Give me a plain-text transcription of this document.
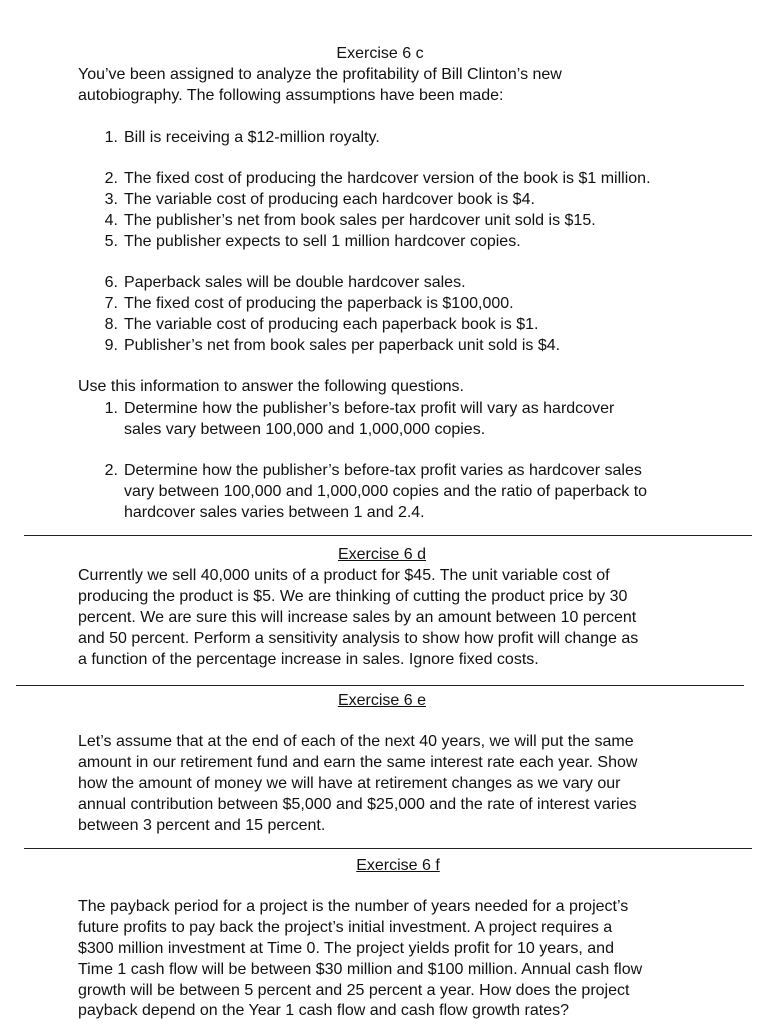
Exercise 6 c
You’ve been assigned to analyze the profitability of Bill Clinton’s new
autobiography. The following assumptions have been made:
1. Bill is receiving a $12-million royalty.
2. The fixed cost of producing the hardcover version of the book is $1 million.
3. The variable cost of producing each hardcover book is $4.
4. The publisher’s net from book sales per hardcover unit sold is $15.
5. The publisher expects to sell 1 million hardcover copies.
6. Paperback sales will be double hardcover sales.
7. The fixed cost of producing the paperback is $100,000.
8. The variable cost of producing each paperback book is $1.
9. Publisher’s net from book sales per paperback unit sold is $4.
Use this information to answer the following questions.
1. Determine how the publisher’s before-tax profit will vary as hardcover
sales vary between 100,000 and 1,000,000 copies.
2. Determine how the publisher’s before-tax profit varies as hardcover sales
vary between 100,000 and 1,000,000 copies and the ratio of paperback to
hardcover sales varies between 1 and 2.4.
Exercise 6 d
Currently we sell 40,000 units of a product for $45. The unit variable cost of
producing the product is $5. We are thinking of cutting the product price by 30
percent. We are sure this will increase sales by an amount between 10 percent
and 50 percent. Perform a sensitivity analysis to show how profit will change as
a function of the percentage increase in sales. Ignore fixed costs.
Exercise 6 e
Let’s assume that at the end of each of the next 40 years, we will put the same
amount in our retirement fund and earn the same interest rate each year. Show
how the amount of money we will have at retirement changes as we vary our
annual contribution between $5,000 and $25,000 and the rate of interest varies
between 3 percent and 15 percent.
Exercise 6 f
The payback period for a project is the number of years needed for a project’s
future profits to pay back the project’s initial investment. A project requires a
$300 million investment at Time 0. The project yields profit for 10 years, and
Time 1 cash flow will be between $30 million and $100 million. Annual cash flow
growth will be between 5 percent and 25 percent a year. How does the project
payback depend on the Year 1 cash flow and cash flow growth rates?
